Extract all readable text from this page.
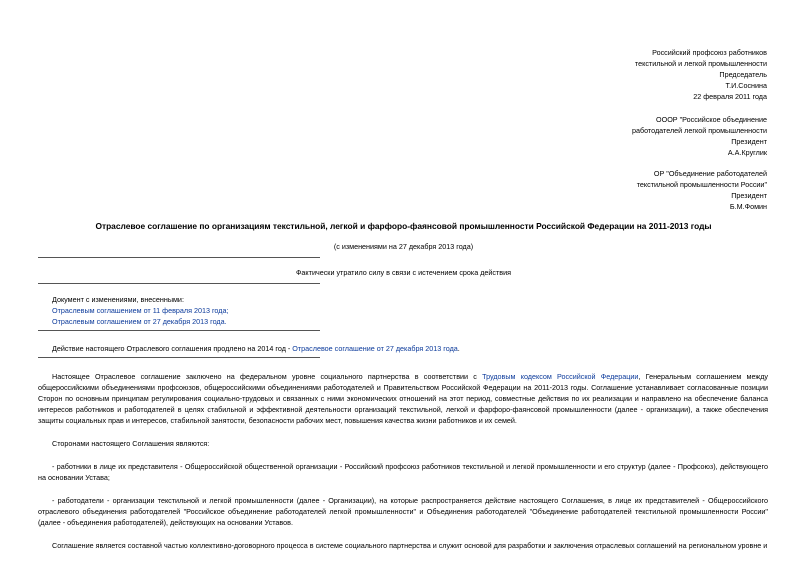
Российский профсоюз работников
текстильной и легкой промышленности
Председатель
Т.И.Соснина
22 февраля 2011 года
ОООР "Российское объединение
работодателей легкой промышленности
Президент
А.А.Круглик
ОР "Объединение работодателей
текстильной промышленности России"
Президент
Б.М.Фомин
Отраслевое соглашение по организациям текстильной, легкой и фарфоро-фаянсовой промышленности Российской Федерации на 2011-2013 годы
(с изменениями на 27 декабря 2013 года)
Фактически утратило силу в связи с истечением срока действия
Документ с изменениями, внесенными:
Отраслевым соглашением от 11 февраля 2013 года;
Отраслевым соглашением от 27 декабря 2013 года.
Действие настоящего Отраслевого соглашения продлено на 2014 год - Отраслевое соглашение от 27 декабря 2013 года.

Настоящее Отраслевое соглашение заключено на федеральном уровне социального партнерства в соответствии с Трудовым кодексом Российской Федерации, Генеральным соглашением между общероссийскими объединениями профсоюзов, общероссийскими объединениями работодателей и Правительством Российской Федерации на 2011-2013 годы. Соглашение устанавливает согласованные позиции Сторон по основным принципам регулирования социально-трудовых и связанных с ними экономических отношений на этот период, совместные действия по их реализации и направлено на обеспечение баланса интересов работников и работодателей в целях стабильной и эффективной деятельности организаций текстильной, легкой и фарфоро-фаянсовой промышленности (далее - организации), а также обеспечения защиты социальных прав и интересов, стабильной занятости, безопасности рабочих мест, повышения качества жизни работников и их семей.

Сторонами настоящего Соглашения являются:

- работники в лице их представителя - Общероссийской общественной организации - Российский профсоюз работников текстильной и легкой промышленности и его структур (далее - Профсоюз), действующего на основании Устава;

- работодатели - организации текстильной и легкой промышленности (далее - Организации), на которые распространяется действие настоящего Соглашения, в лице их представителей - Общероссийского отраслевого объединения работодателей "Российское объединение работодателей легкой промышленности" и Объединения работодателей "Объединение работодателей текстильной промышленности России" (далее - объединения работодателей), действующих на основании Уставов.

Соглашение является составной частью коллективно-договорного процесса в системе социального партнерства и служит основой для разработки и заключения отраслевых соглашений на региональном уровне и
